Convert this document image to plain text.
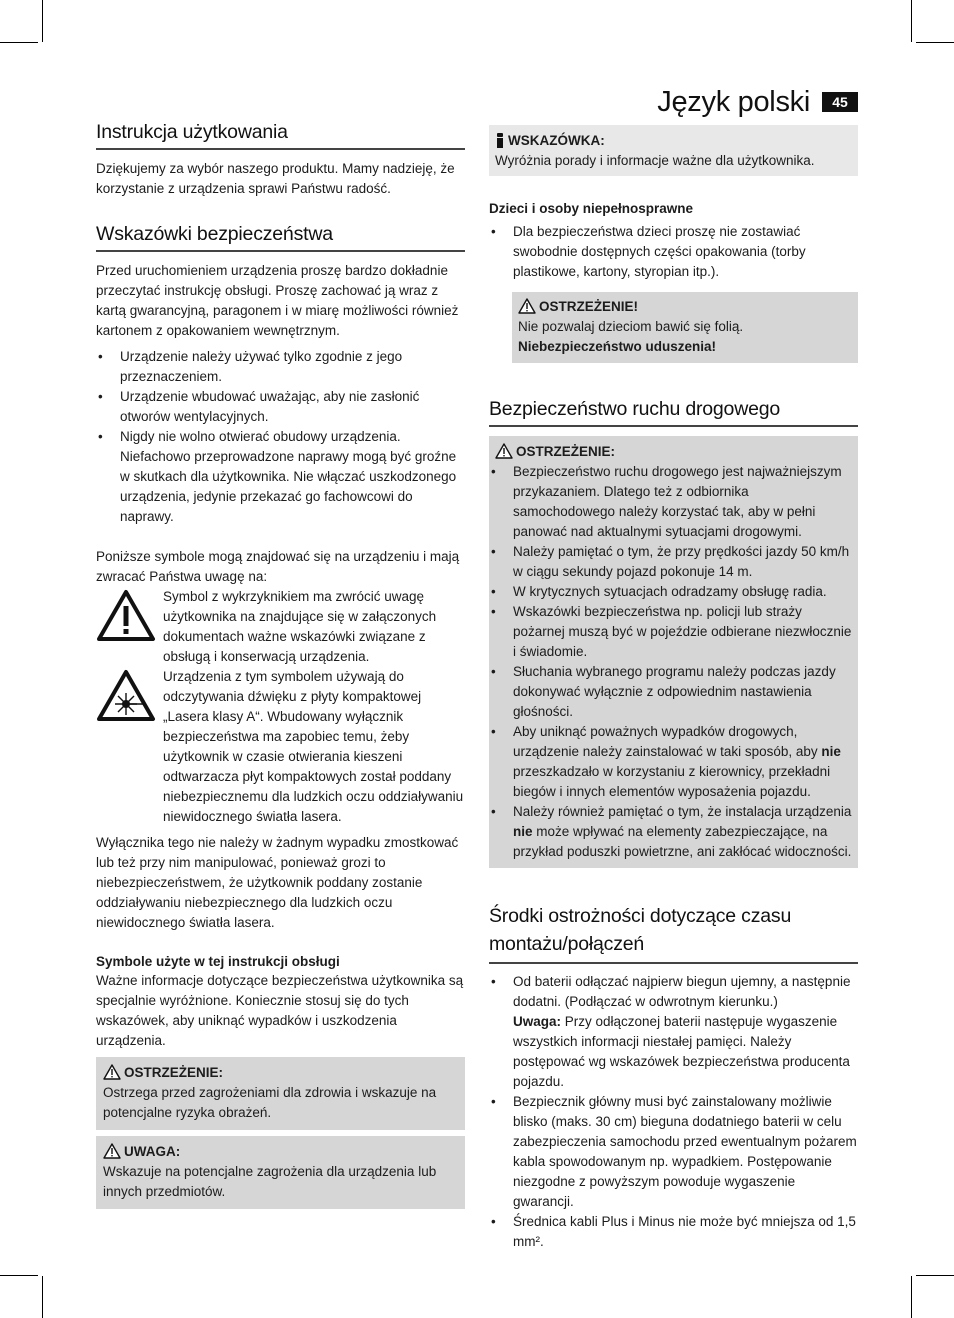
Język polski	45
Instrukcja użytkowania

Dziękujemy za wybór naszego produktu. Mamy nadzieję, że korzystanie z urządzenia sprawi Państwu radość.

Wskazówki bezpieczeństwa

Przed uruchomieniem urządzenia proszę bardzo dokładnie przeczytać instrukcję obsługi. Proszę zachować ją wraz z kartą gwarancyjną, paragonem i w miarę możliwości również kartonem z opakowaniem wewnętrznym.

• Urządzenie należy używać tylko zgodnie z jego przeznaczeniem.
• Urządzenie wbudować uważając, aby nie zasłonić otworów wentylacyjnych.
• Nigdy nie wolno otwierać obudowy urządzenia. Niefachowo przeprowadzone naprawy mogą być groźne w skutkach dla użytkownika. Nie włączać uszkodzonego urządzenia, jedynie przekazać go fachowcowi do naprawy.

Poniższe symbole mogą znajdować się na urządzeniu i mają zwracać Państwa uwagę na:

Symbol z wykrzyknikiem ma zwrócić uwagę użytkownika na znajdujące się w załączonych dokumentach ważne wskazówki związane z obsługą i konserwacją urządzenia.

Urządzenia z tym symbolem używają do odczytywania dźwięku z płyty kompaktowej „Lasera klasy A“. Wbudowany wyłącznik bezpieczeństwa ma zapobiec temu, żeby użytkownik w czasie otwierania kieszeni odtwarzacza płyt kompaktowych został poddany niebezpiecznemu dla ludzkich oczu oddziaływaniu niewidocznego światła lasera.

Wyłącznika tego nie należy w żadnym wypadku zmostkować lub też przy nim manipulować, ponieważ grozi to niebezpieczeństwem, że użytkownik poddany zostanie oddziaływaniu niebezpiecznego dla ludzkich oczu niewidocznego światła lasera.

Symbole użyte w tej instrukcji obsługi

Ważne informacje dotyczące bezpieczeństwa użytkownika są specjalnie wyróżnione. Koniecznie stosuj się do tych wskazówek, aby uniknąć wypadków i uszkodzenia urządzenia.

OSTRZEŻENIE:

Ostrzega przed zagrożeniami dla zdrowia i wskazuje na potencjalne ryzyka obrażeń.

UWAGA:

Wskazuje na potencjalne zagrożenia dla urządzenia lub innych przedmiotów.

WSKAZÓWKA:

Wyróżnia porady i informacje ważne dla użytkownika.

Dzieci i osoby niepełnosprawne
• Dla bezpieczeństwa dzieci proszę nie zostawiać swobodnie dostępnych części opakowania (torby plastikowe, kartony, styropian itp.).
OSTRZEŻENIE!

Nie pozwalaj dzieciom bawić się folią. Niebezpieczeństwo uduszenia!

Bezpieczeństwo ruchu drogowego
OSTRZEŻENIE:
• Bezpieczeństwo ruchu drogowego jest najważniejszym przykazaniem. Dlatego też z odbiornika samochodowego należy korzystać tak, aby w pełni panować nad aktualnymi sytuacjami drogowymi.
• Należy pamiętać o tym, że przy prędkości jazdy 50 km/h w ciągu sekundy pojazd pokonuje 14 m.
• W krytycznych sytuacjach odradzamy obsługę radia.
• Wskazówki bezpieczeństwa np. policji lub straży pożarnej muszą być w pojeździe odbierane niezwłocznie i świadomie.
• Słuchania wybranego programu należy podczas jazdy dokonywać wyłącznie z odpowiednim nastawienia głośności.
• Aby uniknąć poważnych wypadków drogowych, urządzenie należy zainstalować w taki sposób, aby nie przeszkadzało w korzystaniu z kierownicy, przekładni biegów i innych elementów wyposażenia pojazdu.
• Należy również pamiętać o tym, że instalacja urządzenia nie może wpływać na elementy zabezpieczające, na przykład poduszki powietrzne, ani zakłócać widoczności.
Środki ostrożności dotyczące czasu montażu/połączeń
• Od baterii odłączać najpierw biegun ujemny, a następnie dodatni. (Podłączać w odwrotnym kierunku.)
Uwaga: Przy odłączonej baterii następuje wygaszenie wszystkich informacji niestałej pamięci. Należy postępować wg wskazówek bezpieczeństwa producenta pojazdu.
• Bezpiecznik główny musi być zainstalowany możliwie blisko (maks. 30 cm) bieguna dodatniego baterii w celu zabezpieczenia samochodu przed ewentualnym pożarem kabla spowodowanym np. wypadkiem. Postępowanie niezgodne z powyższym powoduje wygaszenie gwarancji.
• Średnica kabli Plus i Minus nie może być mniejsza od 1,5 mm².
